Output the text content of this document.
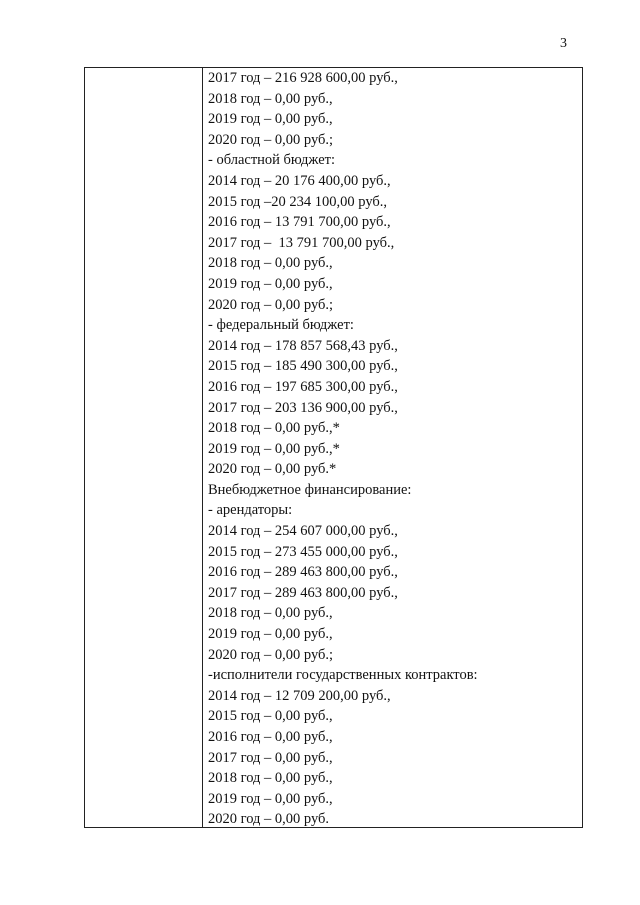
3
2017 год – 216 928 600,00 руб.,
2018 год – 0,00 руб.,
2019 год – 0,00 руб.,
2020 год – 0,00 руб.;
- областной бюджет:
2014 год – 20 176 400,00 руб.,
2015 год –20 234 100,00 руб.,
2016 год – 13 791 700,00 руб.,
2017 год –  13 791 700,00 руб.,
2018 год – 0,00 руб.,
2019 год – 0,00 руб.,
2020 год – 0,00 руб.;
- федеральный бюджет:
2014 год – 178 857 568,43 руб.,
2015 год – 185 490 300,00 руб.,
2016 год – 197 685 300,00 руб.,
2017 год – 203 136 900,00 руб.,
2018 год – 0,00 руб.,*
2019 год – 0,00 руб.,*
2020 год – 0,00 руб.*
Внебюджетное финансирование:
- арендаторы:
2014 год – 254 607 000,00 руб.,
2015 год – 273 455 000,00 руб.,
2016 год – 289 463 800,00 руб.,
2017 год – 289 463 800,00 руб.,
2018 год – 0,00 руб.,
2019 год – 0,00 руб.,
2020 год – 0,00 руб.;
-исполнители государственных контрактов:
2014 год – 12 709 200,00 руб.,
2015 год – 0,00 руб.,
2016 год – 0,00 руб.,
2017 год – 0,00 руб.,
2018 год – 0,00 руб.,
2019 год – 0,00 руб.,
2020 год – 0,00 руб.
